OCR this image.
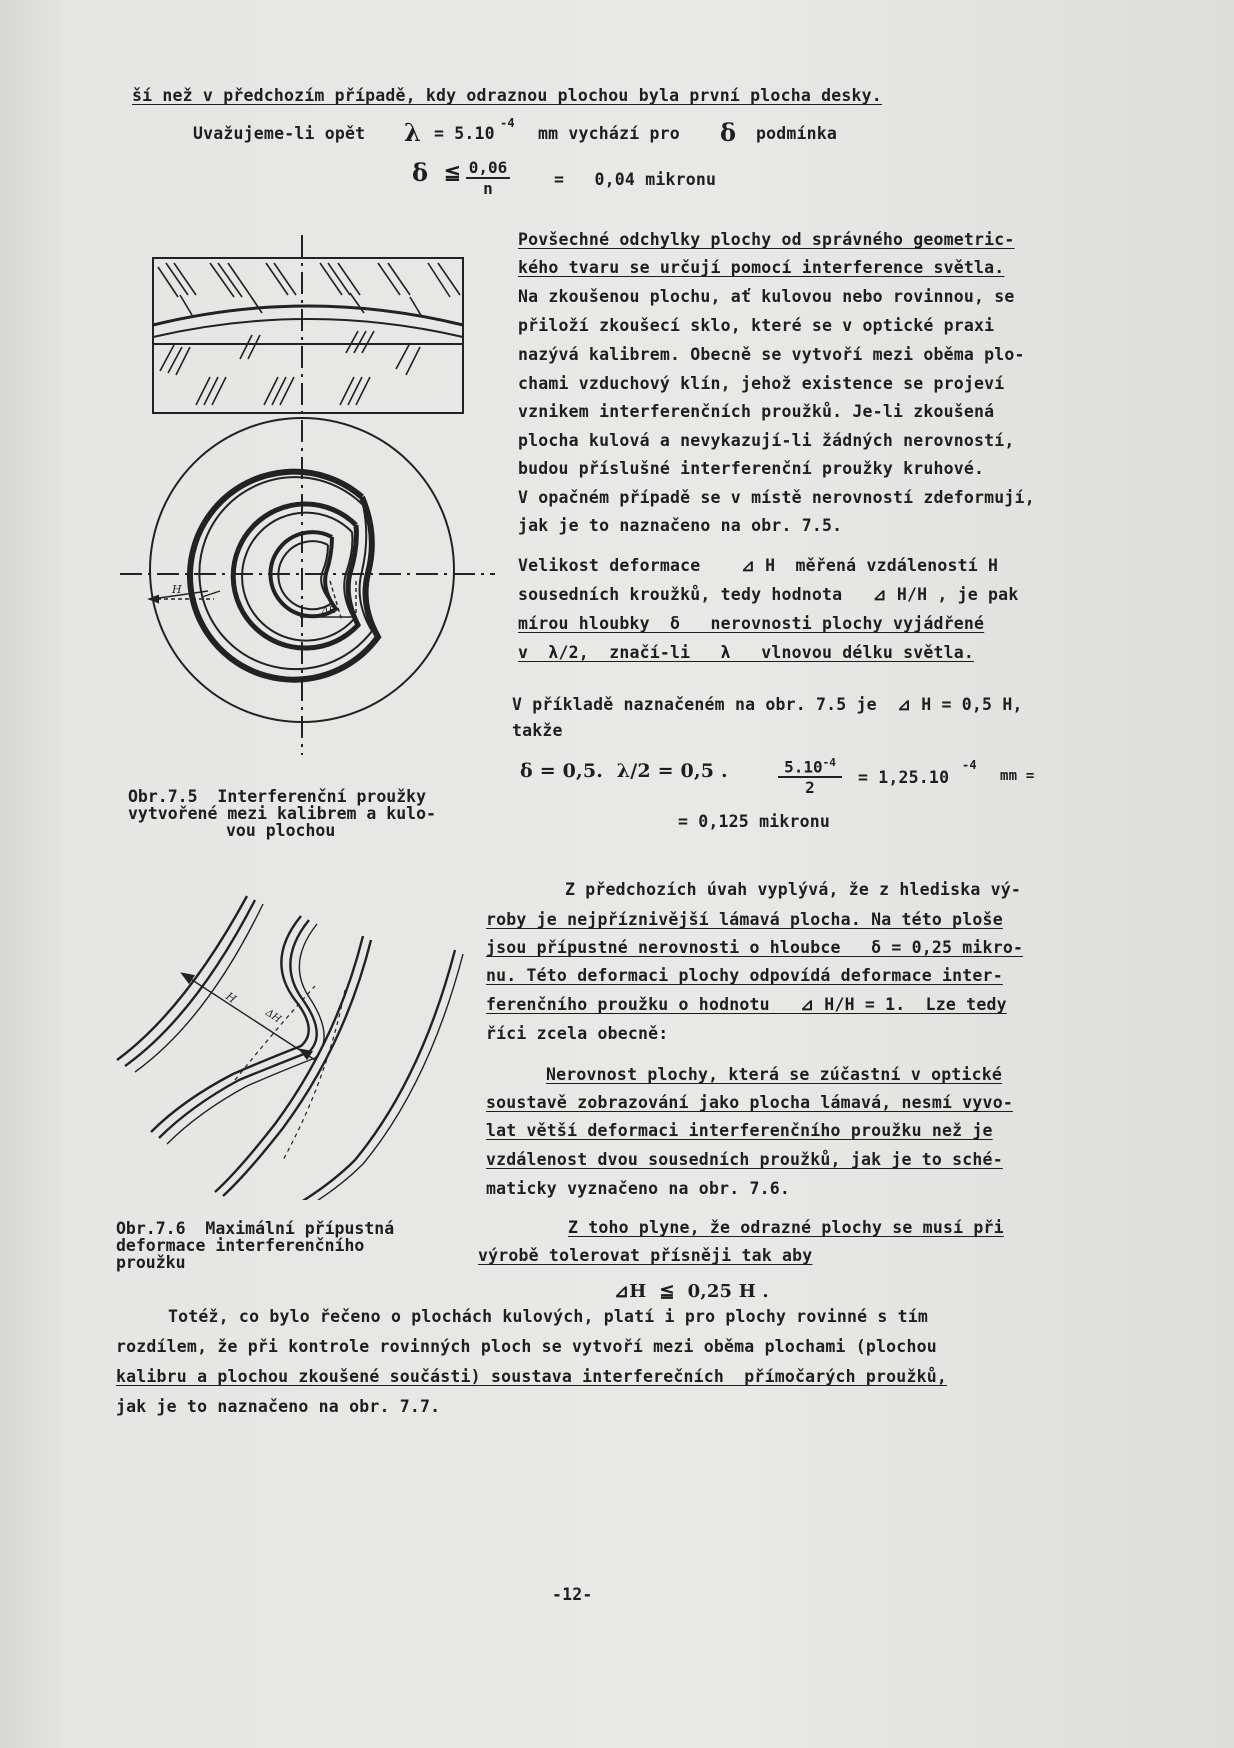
ší než v předchozím případě, kdy odraznou plochou byla první plocha desky.
Uvažujeme-li opět λ = 5.10
-4
mm vychází pro δ podmínka
δ ≦ $\frac{0,06}{n}$	=   0,04 mikronu
H
ΔH
Obr.7.5  Interferenční proužky
vytvořené mezi kalibrem a kulo-
vou plochou
Povšechné odchylky plochy od správného geometric-
kého tvaru se určují pomocí interference světla.
Na zkoušenou plochu, ať kulovou nebo rovinnou, se
přiloží zkoušecí sklo, které se v optické praxi
nazývá kalibrem. Obecně se vytvoří mezi oběma plo-
chami vzduchový klín, jehož existence se projeví
vznikem interferenčních proužků. Je-li zkoušená
plocha kulová a nevykazují-li žádných nerovností,
budou příslušné interferenční proužky kruhové.
V opačném případě se v místě nerovností zdeformují,
jak je to naznačeno na obr. 7.5.
Velikost deformace    ⊿ H  měřená vzdáleností H
sousedních kroužků, tedy hodnota   ⊿ H/H , je pak
mírou hloubky  δ   nerovnosti plochy vyjádřené
v  λ/2,  značí-li   λ   vlnovou délku světla.
V příkladě naznačeném na obr. 7.5 je  ⊿ H = 0,5 H,
takže
δ = 0,5.  λ/2 = 0,5 .	$\frac{5.10^{-4}}{2} = 1,25.10$
-4
mm =
= 0,125 mikronu
H
ΔH
Z předchozích úvah vyplývá, že z hlediska vý-
roby je nejpříznivější lámavá plocha. Na této ploše
jsou přípustné nerovnosti o hloubce   δ = 0,25 mikro-
nu. Této deformaci plochy odpovídá deformace inter-
ferenčního proužku o hodnotu   ⊿ H/H = 1.  Lze tedy
říci zcela obecně:
Nerovnost plochy, která se zúčastní v optické
soustavě zobrazování jako plocha lámavá, nesmí vyvo-
lat větší deformaci interferenčního proužku než je
vzdálenost dvou sousedních proužků, jak je to sché-
maticky vyznačeno na obr. 7.6.
Obr.7.6  Maximální přípustná
deformace interferenčního
proužku
Z toho plyne, že odrazné plochy se musí při
výrobě tolerovat přísněji tak aby
⊿H  ≦  0,25 H .
Totéž, co bylo řečeno o plochách kulových, platí i pro plochy rovinné s tím
rozdílem, že při kontrole rovinných ploch se vytvoří mezi oběma plochami (plochou
kalibru a plochou zkoušené součásti) soustava interferečních  přímočarých proužků,
jak je to naznačeno na obr. 7.7.
-12-
